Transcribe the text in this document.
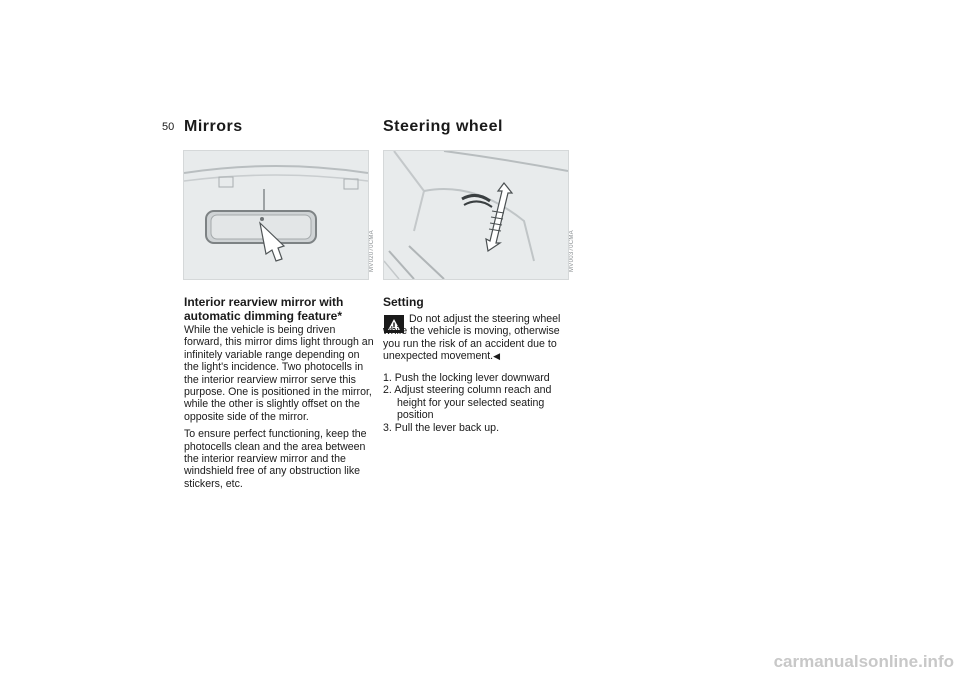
50 Mirrors
MV02070CMA
Interior rearview mirror with automatic dimming feature*

While the vehicle is being driven forward, this mirror dims light through an infinitely variable range depending on the light's incidence. Two photocells in the interior rearview mirror serve this purpose. One is positioned in the mirror, while the other is slightly offset on the opposite side of the mirror.

To ensure perfect functioning, keep the photocells clean and the area between the interior rearview mirror and the windshield free of any obstruction like stickers, etc.

Steering wheel
MV00370CMA
Setting
Do not adjust the steering wheel while the vehicle is moving, otherwise you run the risk of an accident due to unexpected movement.◀
1. Push the locking lever downward
2. Adjust steering column reach and height for your selected seating position
3. Pull the lever back up.
carmanualsonline.info
